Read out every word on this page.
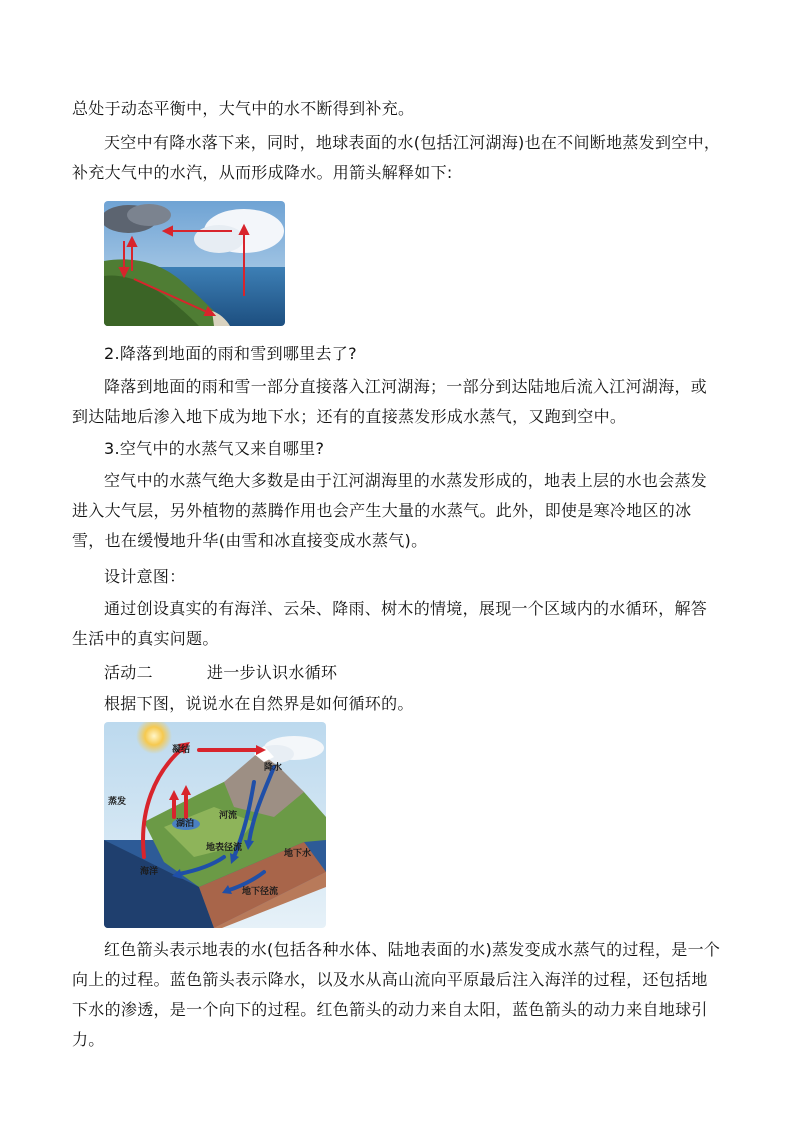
总处于动态平衡中，大气中的水不断得到补充。

天空中有降水落下来，同时，地球表面的水(包括江河湖海)也在不间断地蒸发到空中，补充大气中的水汽，从而形成降水。用箭头解释如下:

2.降落到地面的雨和雪到哪里去了?

降落到地面的雨和雪一部分直接落入江河湖海；一部分到达陆地后流入江河湖海，或到达陆地后渗入地下成为地下水；还有的直接蒸发形成水蒸气，又跑到空中。

3.空气中的水蒸气又来自哪里?

空气中的水蒸气绝大多数是由于江河湖海里的水蒸发形成的，地表上层的水也会蒸发进入大气层，另外植物的蒸腾作用也会产生大量的水蒸气。此外，即使是寒冷地区的冰雪，也在缓慢地升华(由雪和冰直接变成水蒸气)。

设计意图：

通过创设真实的有海洋、云朵、降雨、树木的情境，展现一个区域内的水循环，解答生活中的真实问题。

活动二	进一步认识水循环

根据下图，说说水在自然界是如何循环的。

凝结
降水
蒸发
湖泊
河流
地表径流
地下水
海洋
地下径流

红色箭头表示地表的水(包括各种水体、陆地表面的水)蒸发变成水蒸气的过程，是一个向上的过程。蓝色箭头表示降水，以及水从高山流向平原最后注入海洋的过程，还包括地下水的渗透，是一个向下的过程。红色箭头的动力来自太阳，蓝色箭头的动力来自地球引力。
